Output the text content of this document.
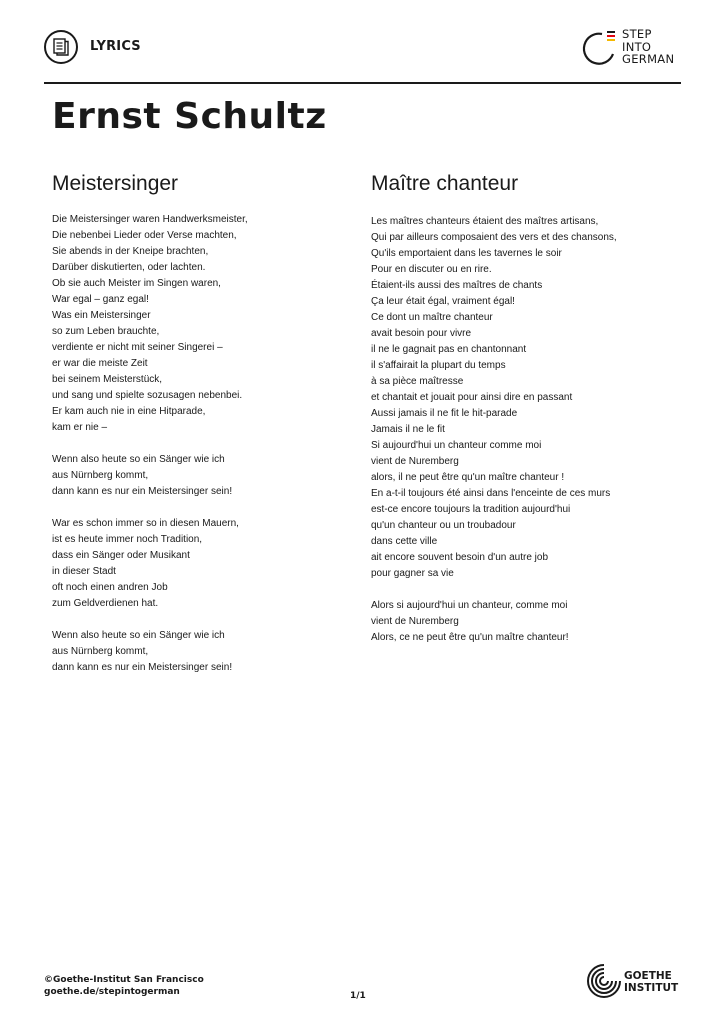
LYRICS
STEP
INTO
GERMAN
Ernst Schultz
Meistersinger
Die Meistersinger waren Handwerksmeister,
Die nebenbei Lieder oder Verse machten,
Sie abends in der Kneipe brachten,
Darüber diskutierten, oder lachten.
Ob sie auch Meister im Singen waren,
War egal – ganz egal!
Was ein Meistersinger
so zum Leben brauchte,
verdiente er nicht mit seiner Singerei –
er war die meiste Zeit
bei seinem Meisterstück,
und sang und spielte sozusagen nebenbei.
Er kam auch nie in eine Hitparade,
kam er nie –
Wenn also heute so ein Sänger wie ich
aus Nürnberg kommt,
dann kann es nur ein Meistersinger sein!
War es schon immer so in diesen Mauern,
ist es heute immer noch Tradition,
dass ein Sänger oder Musikant
in dieser Stadt
oft noch einen andren Job
zum Geldverdienen hat.
Wenn also heute so ein Sänger wie ich
aus Nürnberg kommt,
dann kann es nur ein Meistersinger sein!
Maître chanteur
Les maîtres chanteurs étaient des maîtres artisans,
Qui par ailleurs composaient des vers et des chansons,
Qu'ils emportaient dans les tavernes le soir
Pour en discuter ou en rire.
Étaient-ils aussi des maîtres de chants
Ça leur était égal, vraiment égal!
Ce dont un maître chanteur
avait besoin pour vivre
il ne le gagnait pas en chantonnant
il s'affairait la plupart du temps
à sa pièce maîtresse
et chantait et jouait pour ainsi dire en passant
Aussi jamais il ne fit le hit-parade
Jamais il ne le fit
Si aujourd'hui un chanteur comme moi
vient de Nuremberg
alors, il ne peut être qu'un maître chanteur !
En a-t-il toujours été ainsi dans l'enceinte de ces murs
est-ce encore toujours la tradition aujourd'hui
qu'un chanteur ou un troubadour
dans cette ville
ait encore souvent besoin d'un autre job
pour gagner sa vie
Alors si aujourd'hui un chanteur, comme moi
vient de Nuremberg
Alors, ce ne peut être qu'un maître chanteur!
©Goethe-Institut San Francisco
goethe.de/stepintogerman	1/1
GOETHE
INSTITUT
